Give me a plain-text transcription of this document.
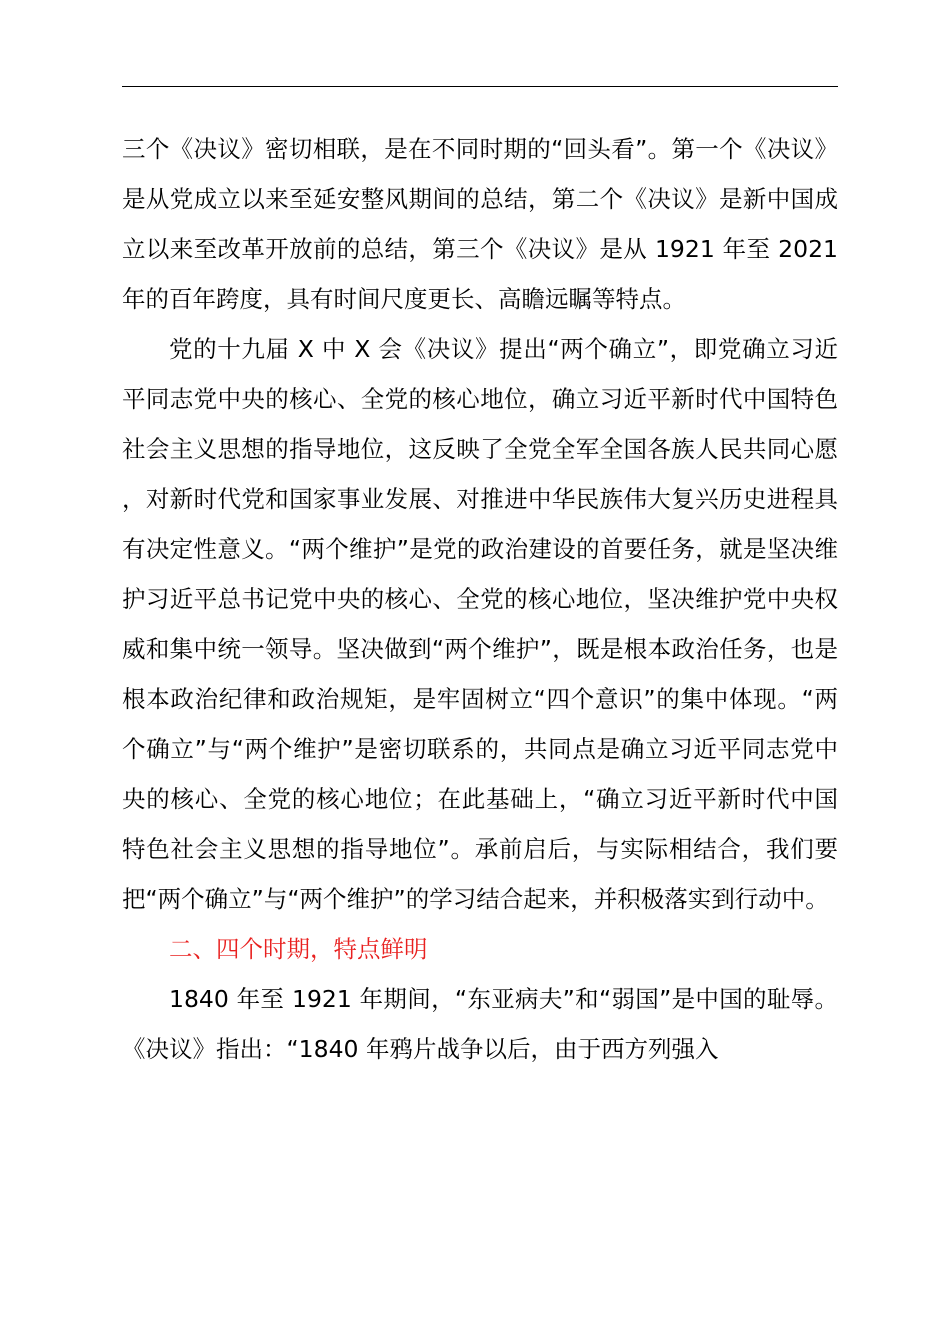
三个《决议》密切相联，是在不同时期的“回头看”。第一个《决议》是从党成立以来至延安整风期间的总结，第二个《决议》是新中国成立以来至改革开放前的总结，第三个《决议》是从 1921 年至 2021 年的百年跨度，具有时间尺度更长、高瞻远瞩等特点。

党的十九届 X 中 X 会《决议》提出“两个确立”，即党确立习近平同志党中央的核心、全党的核心地位，确立习近平新时代中国特色社会主义思想的指导地位，这反映了全党全军全国各族人民共同心愿，对新时代党和国家事业发展、对推进中华民族伟大复兴历史进程具有决定性意义。“两个维护”是党的政治建设的首要任务，就是坚决维护习近平总书记党中央的核心、全党的核心地位，坚决维护党中央权威和集中统一领导。坚决做到“两个维护”，既是根本政治任务，也是根本政治纪律和政治规矩，是牢固树立“四个意识”的集中体现。“两个确立”与“两个维护”是密切联系的，共同点是确立习近平同志党中央的核心、全党的核心地位；在此基础上，“确立习近平新时代中国特色社会主义思想的指导地位”。承前启后，与实际相结合，我们要把“两个确立”与“两个维护”的学习结合起来，并积极落实到行动中。

二、四个时期，特点鲜明

1840 年至 1921 年期间，“东亚病夫”和“弱国”是中国的耻辱。《决议》指出：“1840 年鸦片战争以后，由于西方列强入
